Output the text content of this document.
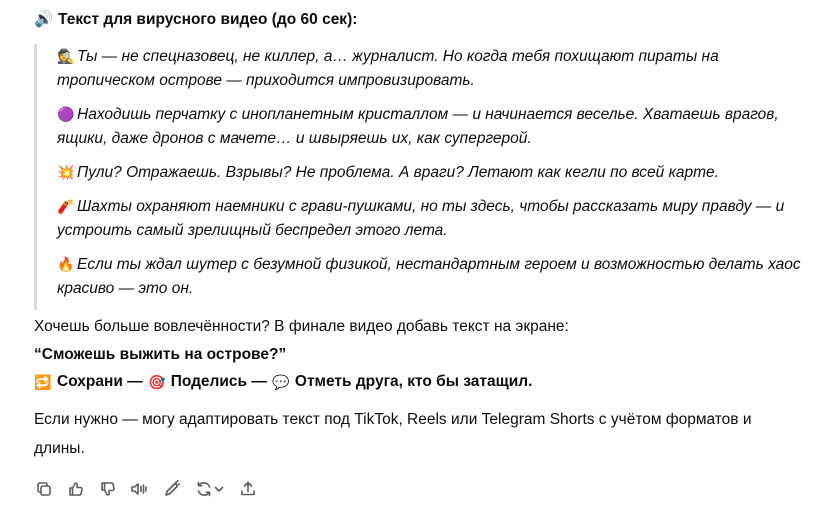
🔊 Текст для вирусного видео (до 60 сек):

🕵 Ты — не спецназовец, не киллер, а… журналист. Но когда тебя похищают пираты на тропическом острове — приходится импровизировать.

🟣 Находишь перчатку с инопланетным кристаллом — и начинается веселье. Хватаешь врагов, ящики, даже дронов с мачете… и швыряешь их, как супергерой.

💥 Пули? Отражаешь. Взрывы? Не проблема. А враги? Летают как кегли по всей карте.

🧨 Шахты охраняют наемники с грави-пушками, но ты здесь, чтобы рассказать миру правду — и устроить самый зрелищный беспредел этого лета.

🔥 Если ты ждал шутер с безумной физикой, нестандартным героем и возможностью делать хаос красиво — это он.

Хочешь больше вовлечённости? В финале видео добавь текст на экране:
“Сможешь выжить на острове?”
🔁 Сохрани — 🎯 Поделись — 💬 Отметь друга, кто бы затащил.
Если нужно — могу адаптировать текст под TikTok, Reels или Telegram Shorts с учётом форматов и длины.
